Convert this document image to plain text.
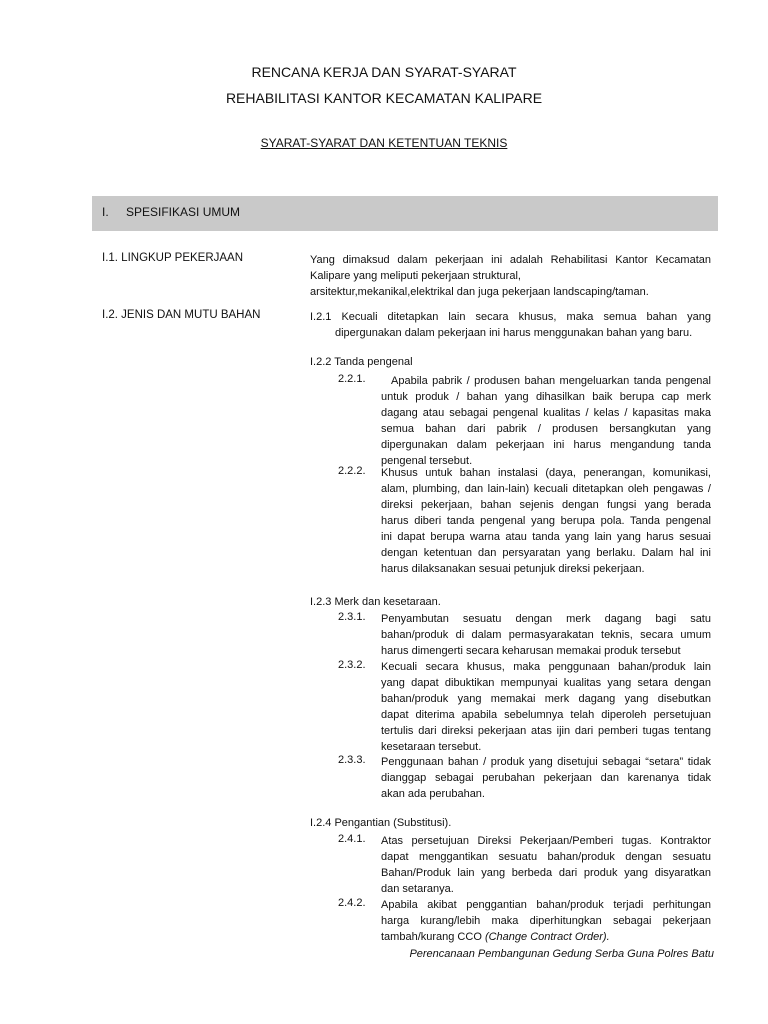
RENCANA KERJA DAN SYARAT-SYARAT
REHABILITASI KANTOR KECAMATAN KALIPARE
SYARAT-SYARAT DAN KETENTUAN TEKNIS
I. SPESIFIKASI UMUM
I.1. LINGKUP PEKERJAAN	Yang dimaksud dalam pekerjaan ini adalah Rehabilitasi Kantor Kecamatan
Kalipare yang meliputi pekerjaan struktural,
arsitektur,mekanikal,elektrikal dan juga pekerjaan landscaping/taman.
I.2. JENIS DAN MUTU BAHAN	I.2.1 Kecuali ditetapkan lain secara khusus, maka semua bahan yang
dipergunakan dalam pekerjaan ini harus menggunakan bahan yang baru.
I.2.2 Tanda pengenal
2.2.1.	Apabila pabrik / produsen bahan mengeluarkan tanda pengenal
untuk produk / bahan yang dihasilkan baik berupa cap merk
dagang atau sebagai pengenal kualitas / kelas / kapasitas maka
semua bahan dari pabrik / produsen bersangkutan yang
dipergunakan dalam pekerjaan ini harus mengandung tanda
pengenal tersebut.
2.2.2. Khusus untuk bahan instalasi (daya, penerangan, komunikasi,
alam, plumbing, dan lain-lain) kecuali ditetapkan oleh pengawas /
direksi pekerjaan, bahan sejenis dengan fungsi yang berada
harus diberi tanda pengenal yang berupa pola. Tanda pengenal
ini dapat berupa warna atau tanda yang lain yang harus sesuai
dengan ketentuan dan persyaratan yang berlaku. Dalam hal ini
harus dilaksanakan sesuai petunjuk direksi pekerjaan.
I.2.3 Merk dan kesetaraan.
2.3.1. Penyambutan sesuatu dengan merk dagang bagi satu
bahan/produk di dalam permasyarakatan teknis, secara umum
harus dimengerti secara keharusan memakai produk tersebut
2.3.2. Kecuali secara khusus, maka penggunaan bahan/produk lain
yang dapat dibuktikan mempunyai kualitas yang setara dengan
bahan/produk yang memakai merk dagang yang disebutkan
dapat diterima apabila sebelumnya telah diperoleh persetujuan
tertulis dari direksi pekerjaan atas ijin dari pemberi tugas tentang
kesetaraan tersebut.
2.3.3. Penggunaan bahan / produk yang disetujui sebagai “setara” tidak
dianggap sebagai perubahan pekerjaan dan karenanya tidak
akan ada perubahan.
I.2.4 Pengantian (Substitusi).
2.4.1. Atas persetujuan Direksi Pekerjaan/Pemberi tugas. Kontraktor
dapat menggantikan sesuatu bahan/produk dengan sesuatu
Bahan/Produk lain yang berbeda dari produk yang disyaratkan
dan setaranya.
2.4.2. Apabila akibat penggantian bahan/produk terjadi perhitungan
harga kurang/lebih maka diperhitungkan sebagai pekerjaan
tambah/kurang CCO (Change Contract Order).
Perencanaan Pembangunan Gedung Serba Guna Polres Batu
